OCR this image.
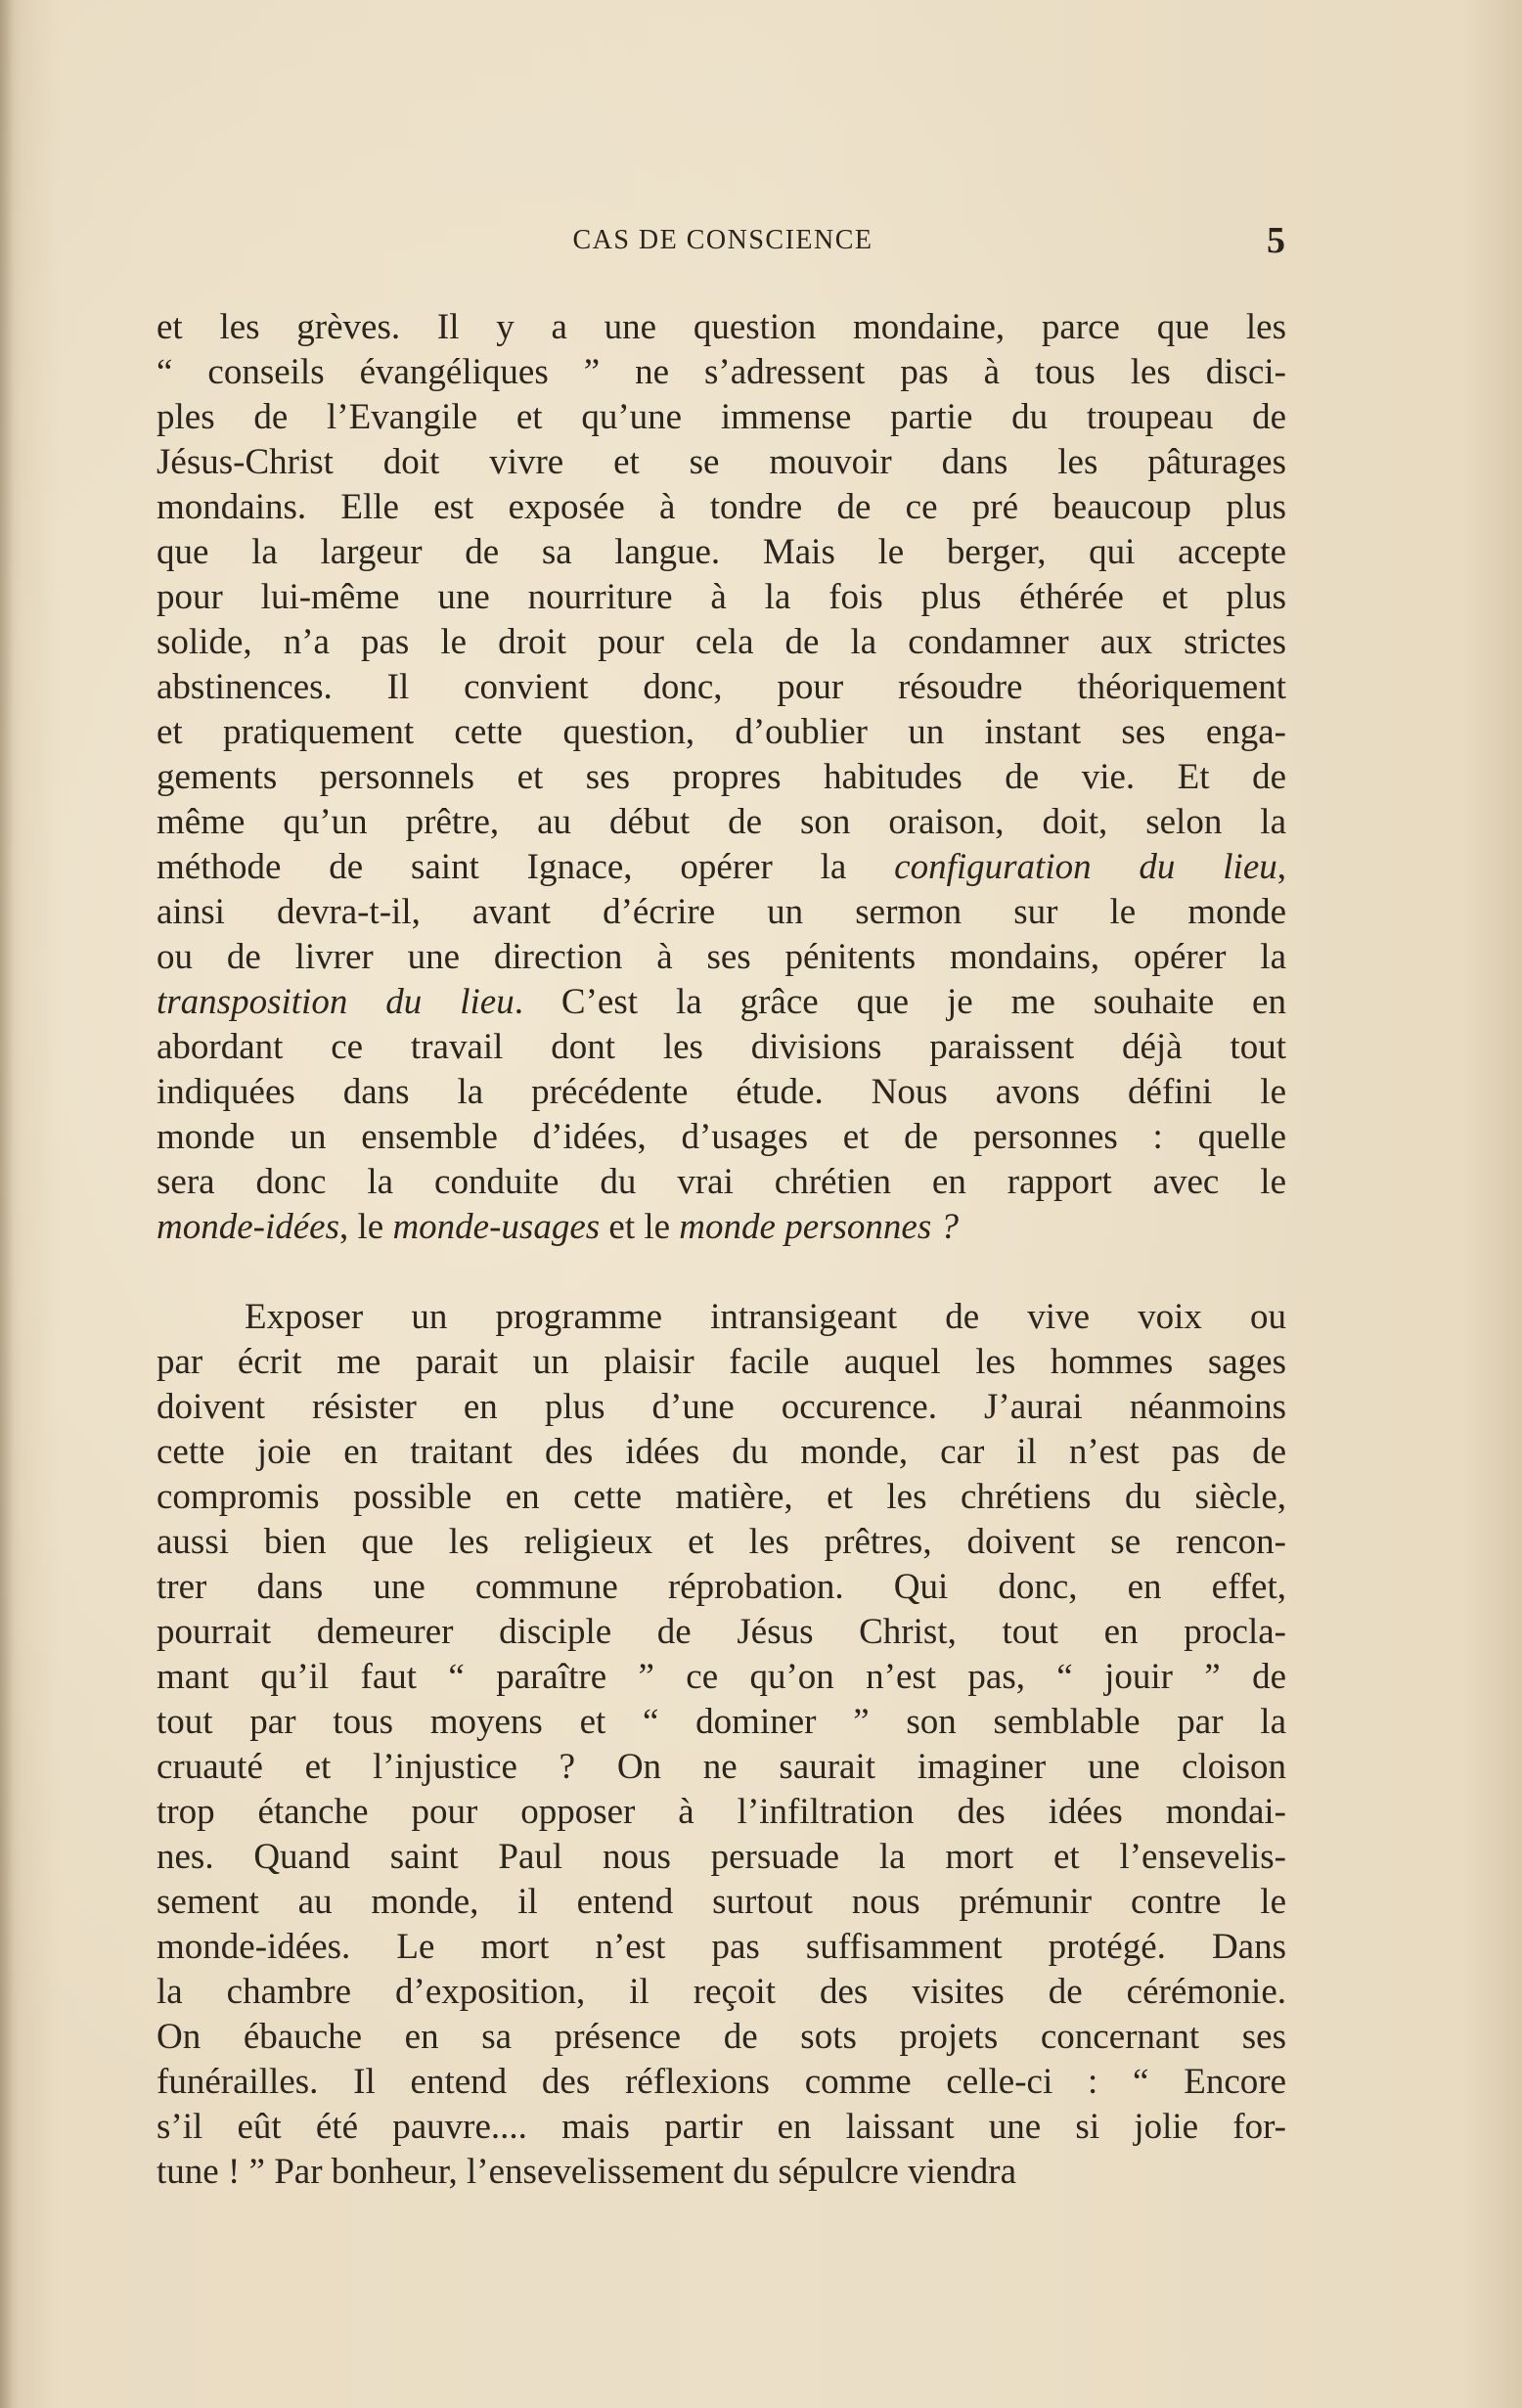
CAS DE CONSCIENCE	5
et les grèves. Il y a une question mondaine, parce que les
“ conseils évangéliques ” ne s’adressent pas à tous les disci-
ples de l’Evangile et qu’une immense partie du troupeau de
Jésus-Christ doit vivre et se mouvoir dans les pâturages
mondains. Elle est exposée à tondre de ce pré beaucoup plus
que la largeur de sa langue. Mais le berger, qui accepte
pour lui-même une nourriture à la fois plus éthérée et plus
solide, n’a pas le droit pour cela de la condamner aux strictes
abstinences. Il convient donc, pour résoudre théoriquement
et pratiquement cette question, d’oublier un instant ses enga-
gements personnels et ses propres habitudes de vie. Et de
même qu’un prêtre, au début de son oraison, doit, selon la
méthode de saint Ignace, opérer la configuration du lieu,
ainsi devra-t-il, avant d’écrire un sermon sur le monde
ou de livrer une direction à ses pénitents mondains, opérer la
transposition du lieu. C’est la grâce que je me souhaite en
abordant ce travail dont les divisions paraissent déjà tout
indiquées dans la précédente étude. Nous avons défini le
monde un ensemble d’idées, d’usages et de personnes : quelle
sera donc la conduite du vrai chrétien en rapport avec le
monde-idées, le monde-usages et le monde personnes ?
Exposer un programme intransigeant de vive voix ou
par écrit me parait un plaisir facile auquel les hommes sages
doivent résister en plus d’une occurence. J’aurai néanmoins
cette joie en traitant des idées du monde, car il n’est pas de
compromis possible en cette matière, et les chrétiens du siècle,
aussi bien que les religieux et les prêtres, doivent se rencon-
trer dans une commune réprobation. Qui donc, en effet,
pourrait demeurer disciple de Jésus Christ, tout en procla-
mant qu’il faut “ paraître ” ce qu’on n’est pas, “ jouir ” de
tout par tous moyens et “ dominer ” son semblable par la
cruauté et l’injustice ? On ne saurait imaginer une cloison
trop étanche pour opposer à l’infiltration des idées mondai-
nes. Quand saint Paul nous persuade la mort et l’ensevelis-
sement au monde, il entend surtout nous prémunir contre le
monde-idées. Le mort n’est pas suffisamment protégé. Dans
la chambre d’exposition, il reçoit des visites de cérémonie.
On ébauche en sa présence de sots projets concernant ses
funérailles. Il entend des réflexions comme celle-ci : “ Encore
s’il eût été pauvre.... mais partir en laissant une si jolie for-
tune ! ” Par bonheur, l’ensevelissement du sépulcre viendra
